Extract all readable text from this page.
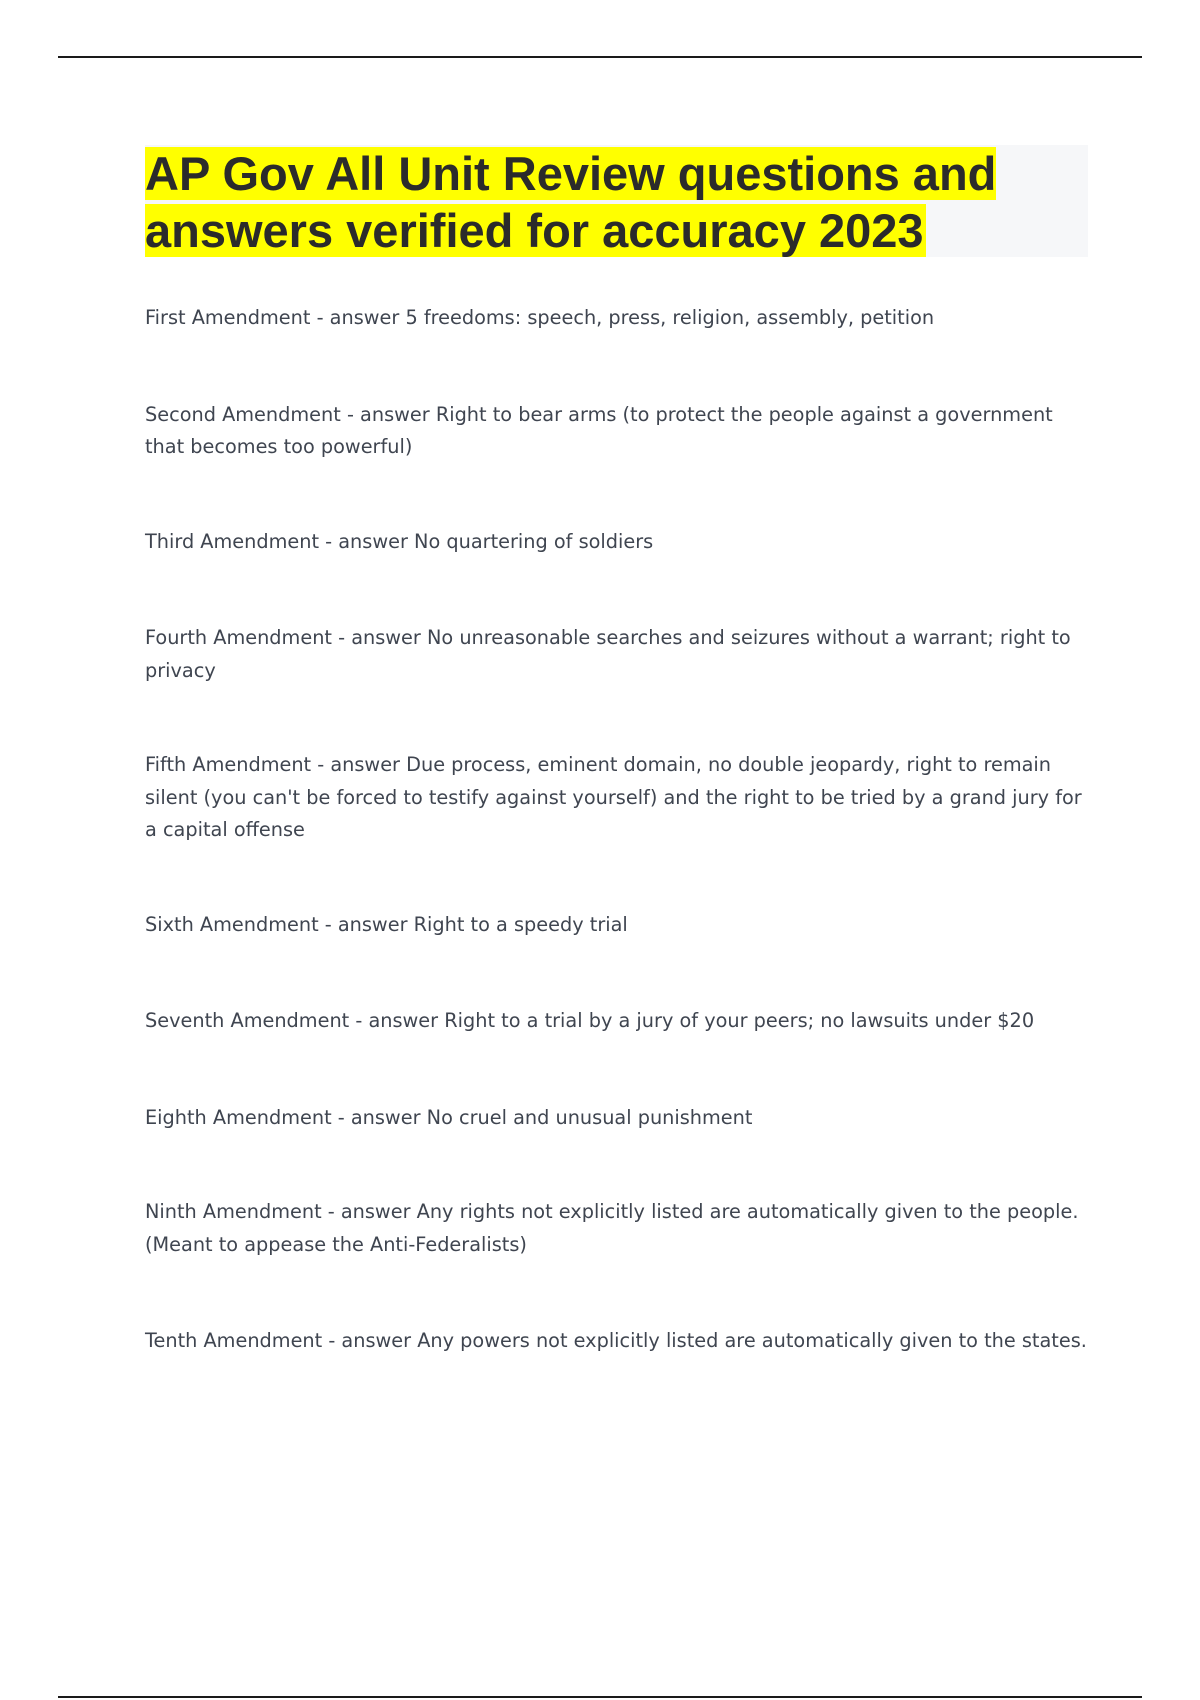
AP Gov All Unit Review questions and answers verified for accuracy 2023

First Amendment - answer 5 freedoms: speech, press, religion, assembly, petition

Second Amendment - answer Right to bear arms (to protect the people against a government that becomes too powerful)

Third Amendment - answer No quartering of soldiers

Fourth Amendment - answer No unreasonable searches and seizures without a warrant; right to privacy

Fifth Amendment - answer Due process, eminent domain, no double jeopardy, right to remain silent (you can't be forced to testify against yourself) and the right to be tried by a grand jury for a capital offense

Sixth Amendment - answer Right to a speedy trial

Seventh Amendment - answer Right to a trial by a jury of your peers; no lawsuits under $20

Eighth Amendment - answer No cruel and unusual punishment

Ninth Amendment - answer Any rights not explicitly listed are automatically given to the people. (Meant to appease the Anti-Federalists)

Tenth Amendment - answer Any powers not explicitly listed are automatically given to the states.
